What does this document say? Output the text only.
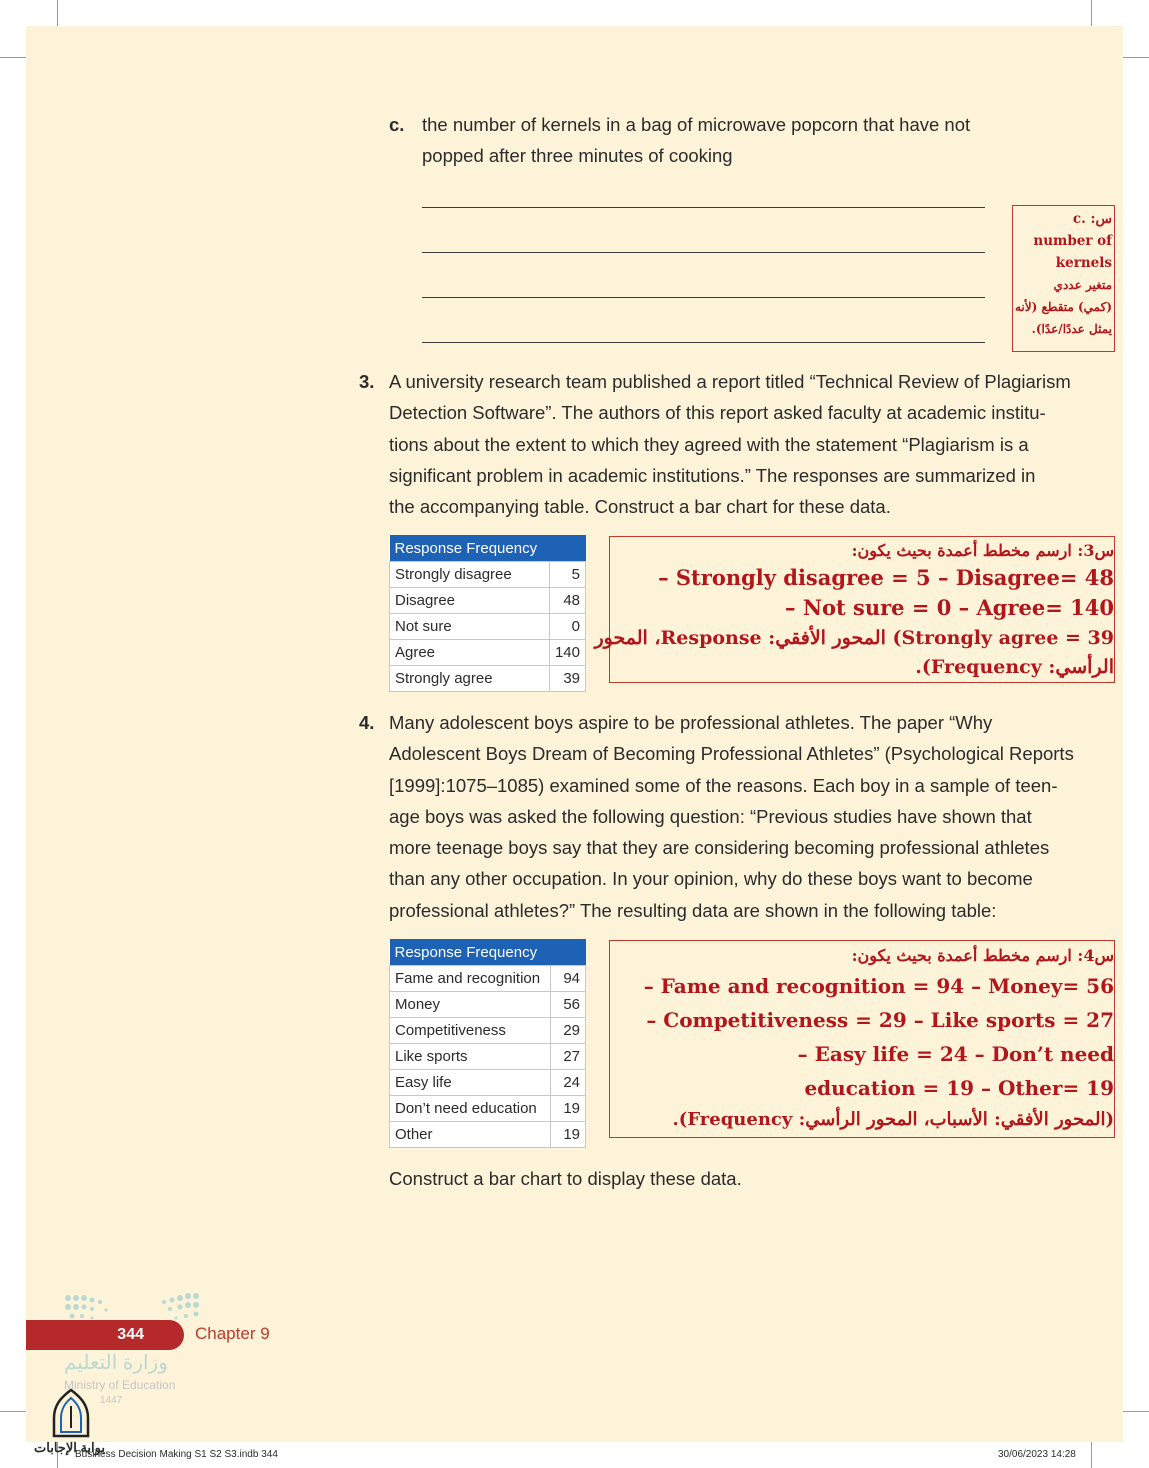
c. the number of kernels in a bag of microwave popcorn that have not
popped after three minutes of cooking
س: .c
number of
kernels
متغير عددي
(كمي) متقطع (لأنه
يمثل عددًا/عدًا).
3. A university research team published a report titled “Technical Review of Plagiarism
Detection Software”. The authors of this report asked faculty at academic institu-
tions about the extent to which they agreed with the statement “Plagiarism is a
significant problem in academic institutions.” The responses are summarized in
the accompanying table. Construct a bar chart for these data.
Response Frequency	
Strongly disagree	5
Disagree	48
Not sure	0
Agree	140
Strongly agree	39
س3: ارسم مخطط أعمدة بحيث يكون:
Strongly disagree = 5 – Disagree= 48 –
Not sure = 0 – Agree= 140 –
Strongly agree = 39) المحور الأفقي: Response، المحور
الرأسي: Frequency).
4. Many adolescent boys aspire to be professional athletes. The paper “Why
Adolescent Boys Dream of Becoming Professional Athletes” (Psychological Reports
[1999]:1075–1085) examined some of the reasons. Each boy in a sample of teen-
age boys was asked the following question: “Previous studies have shown that
more teenage boys say that they are considering becoming professional athletes
than any other occupation. In your opinion, why do these boys want to become
professional athletes?” The resulting data are shown in the following table:
Response Frequency	
Fame and recognition	94
Money	56
Competitiveness	29
Like sports	27
Easy life	24
Don’t need education	19
Other	19
س4: ارسم مخطط أعمدة بحيث يكون:
Fame and recognition = 94 – Money= 56 –
Competitiveness = 29 – Like sports = 27 –
Easy life = 24 – Don’t need –
education = 19 – Other= 19
(المحور الأفقي: الأسباب، المحور الرأسي: Frequency).
Construct a bar chart to display these data.
344	Chapter 9
وزارة التعليم
Ministry of Education
1447
بوابة الإجابات
Business Decision Making S1 S2 S3.indb 344	30/06/2023 14:28
